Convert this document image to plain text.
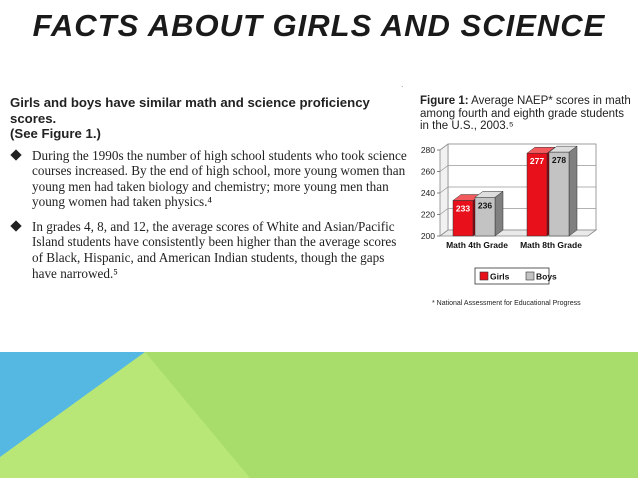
FACTS ABOUT GIRLS AND SCIENCE
.

Girls and boys have similar math and science proficiency scores.
(See Figure 1.)

During the 1990s the number of high school students who took science courses increased. By the end of high school, more young women than young men had taken biology and chemistry; more young men than young women had taken physics.⁴
In grades 4, 8, and 12, the average scores of White and Asian/Pacific Island students have consistently been higher than the average scores of Black, Hispanic, and American Indian students, though the gaps have narrowed.⁵
Figure 1: Average NAEP* scores in math among fourth and eighth grade students in the U.S., 2003.⁵
200
220
240
260
280
233 236
Math 4th Grade
277 278
Math 8th Grade
Girls	Boys
* National Assessment for Educational Progress
